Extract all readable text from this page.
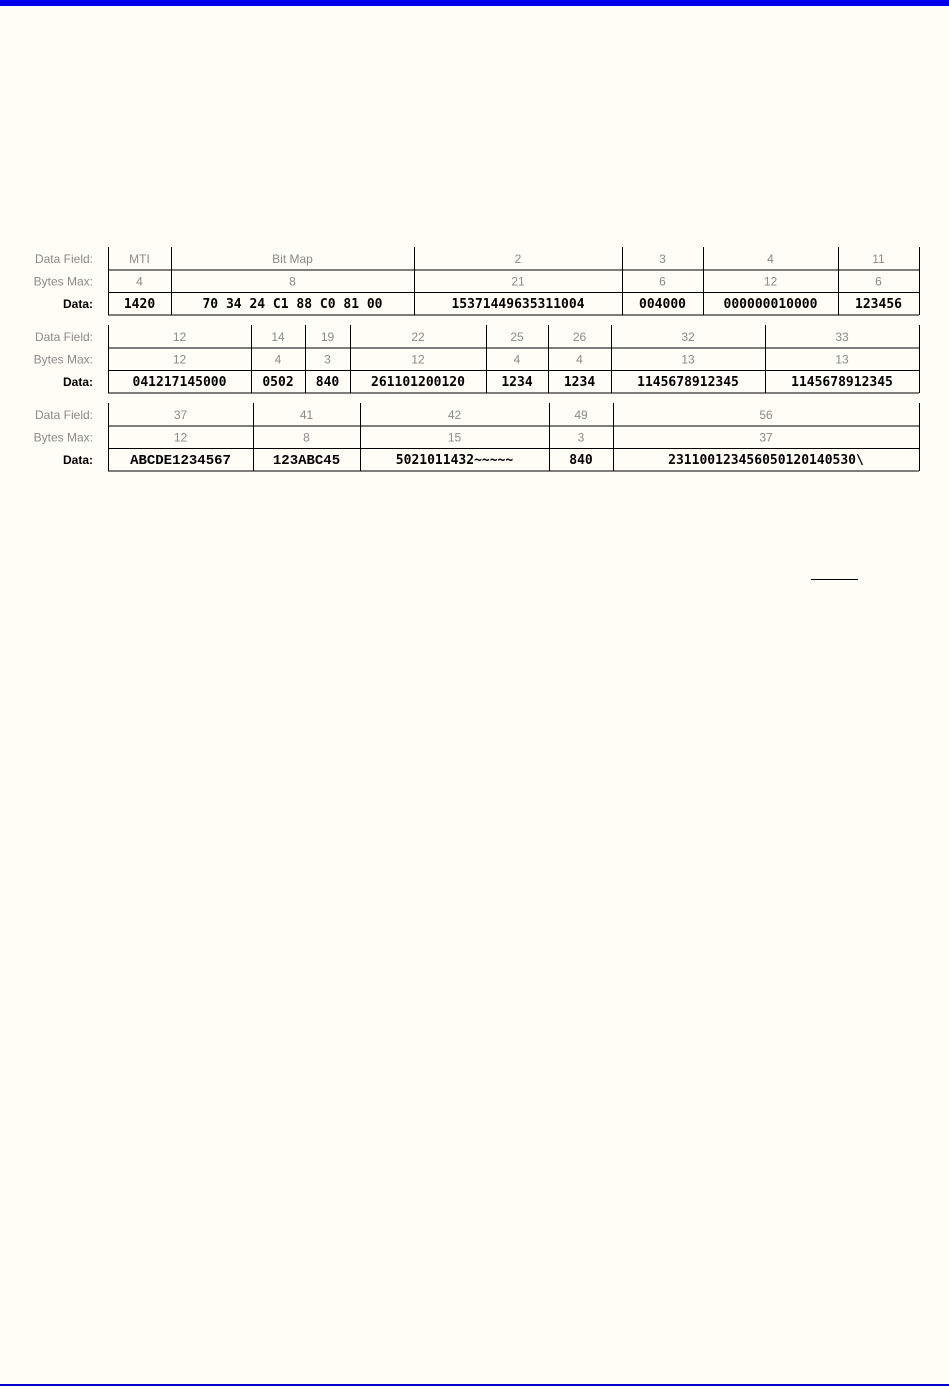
Data Field:
Bytes Max:
Data:
MTI
4
1420
Bit Map
8
70 34 24 C1 88 C0 81 00
2
21
15371449635311004
3
6
004000
4
12
000000010000
11
6
123456
Data Field:
Bytes Max:
Data:
12
12
041217145000
14
4
0502
19
3
840
22
12
261101200120
25
4
1234
26
4
1234
32
13
1145678912345
33
13
1145678912345
Data Field:
Bytes Max:
Data:
37
12
ABCDE1234567
41
8
123ABC45
42
15
5021011432~~~~~
49
3
840
56
37
231100123456050120140530\
